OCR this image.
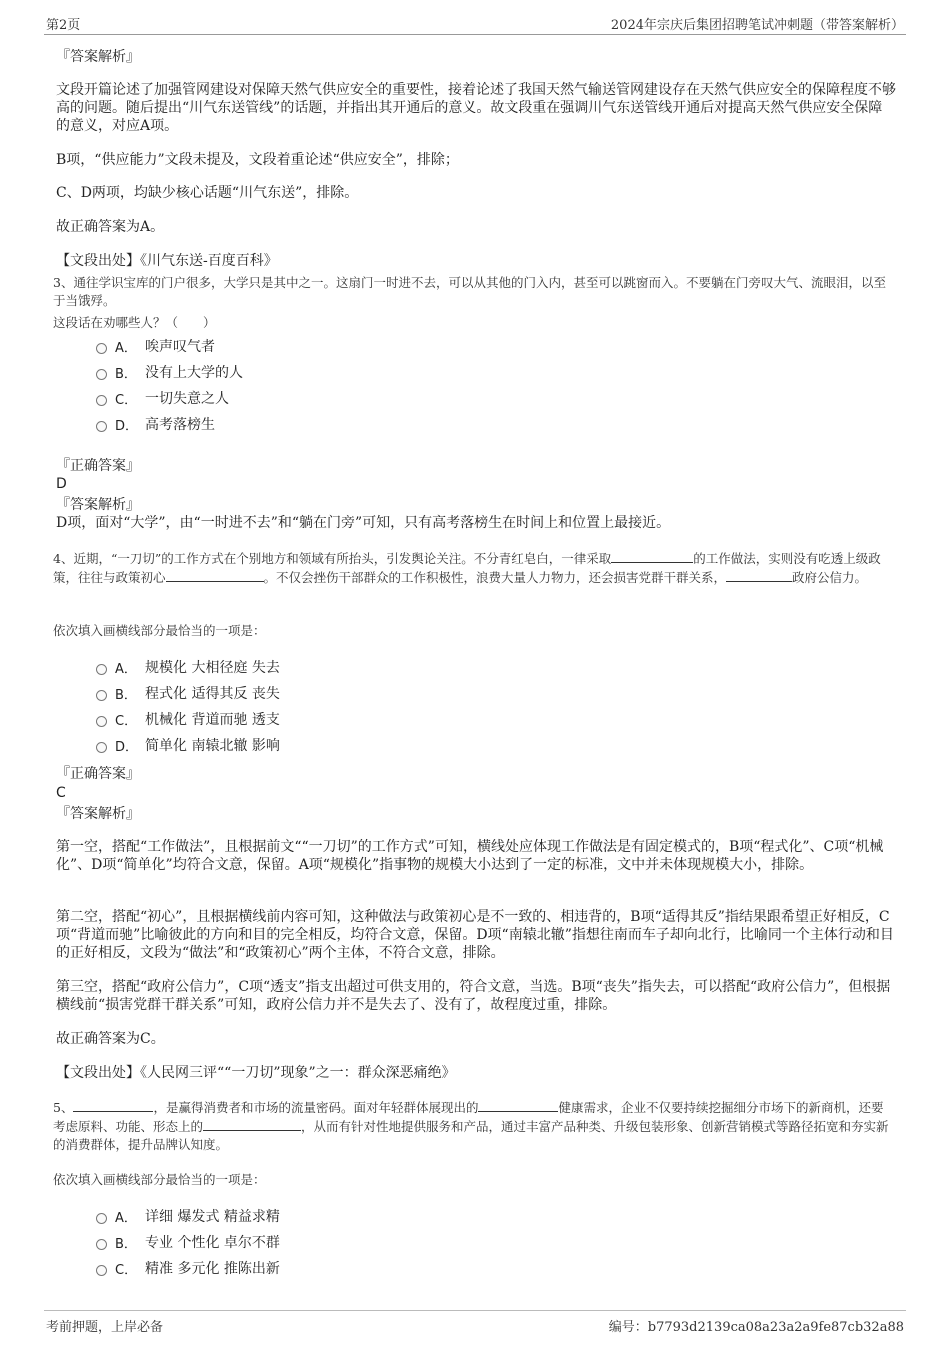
第2页	2024年宗庆后集团招聘笔试冲刺题（带答案解析）
『答案解析』

文段开篇论述了加强管网建设对保障天然气供应安全的重要性，接着论述了我国天然气输送管网建设存在天然气供应安全的保障程度不够高的问题。随后提出“川气东送管线”的话题，并指出其开通后的意义。故文段重在强调川气东送管线开通后对提高天然气供应安全保障的意义，对应A项。

B项，“供应能力”文段未提及，文段着重论述“供应安全”，排除；

C、D两项，均缺少核心话题“川气东送”，排除。

故正确答案为A。

【文段出处】《川气东送-百度百科》

3、通往学识宝库的门户很多，大学只是其中之一。这扇门一时进不去，可以从其他的门入内，甚至可以跳窗而入。不要躺在门旁叹大气、流眼泪，以至于当饿殍。

这段话在劝哪些人？（　　）

A． 唉声叹气者
B． 没有上大学的人
C． 一切失意之人
D． 高考落榜生
『正确答案』
D
『答案解析』

D项，面对“大学”，由“一时进不去”和“躺在门旁”可知，只有高考落榜生在时间上和位置上最接近。

4、近期，“一刀切”的工作方式在个别地方和领域有所抬头，引发舆论关注。不分青红皂白，一律采取	的工作做法，实则没有吃透上级政策，往往与政策初心	。不仅会挫伤干部群众的工作积极性，浪费大量人力物力，还会损害党群干群关系，	政府公信力。

依次填入画横线部分最恰当的一项是：

A． 规模化 大相径庭 失去
B． 程式化 适得其反 丧失
C． 机械化 背道而驰 透支
D． 简单化 南辕北辙 影响
『正确答案』
C
『答案解析』

第一空，搭配“工作做法”，且根据前文““一刀切”的工作方式”可知，横线处应体现工作做法是有固定模式的，B项“程式化”、C项“机械化”、D项“简单化”均符合文意，保留。A项“规模化”指事物的规模大小达到了一定的标准，文中并未体现规模大小，排除。

第二空，搭配“初心”，且根据横线前内容可知，这种做法与政策初心是不一致的、相违背的，B项“适得其反”指结果跟希望正好相反，C项“背道而驰”比喻彼此的方向和目的完全相反，均符合文意，保留。D项“南辕北辙”指想往南而车子却向北行，比喻同一个主体行动和目的正好相反，文段为“做法”和“政策初心”两个主体，不符合文意，排除。

第三空，搭配“政府公信力”，C项“透支”指支出超过可供支用的，符合文意，当选。B项“丧失”指失去，可以搭配“政府公信力”，但根据横线前“损害党群干群关系”可知，政府公信力并不是失去了、没有了，故程度过重，排除。

故正确答案为C。

【文段出处】《人民网三评““一刀切”现象”之一：群众深恶痛绝》

5、	，是赢得消费者和市场的流量密码。面对年轻群体展现出的	健康需求，企业不仅要持续挖掘细分市场下的新商机，还要考虑原料、功能、形态上的	，从而有针对性地提供服务和产品，通过丰富产品种类、升级包装形象、创新营销模式等路径拓宽和夯实新的消费群体，提升品牌认知度。

依次填入画横线部分最恰当的一项是：

A． 详细 爆发式 精益求精
B． 专业 个性化 卓尔不群
C． 精准 多元化 推陈出新
考前押题，上岸必备	编号：b7793d2139ca08a23a2a9fe87cb32a88
